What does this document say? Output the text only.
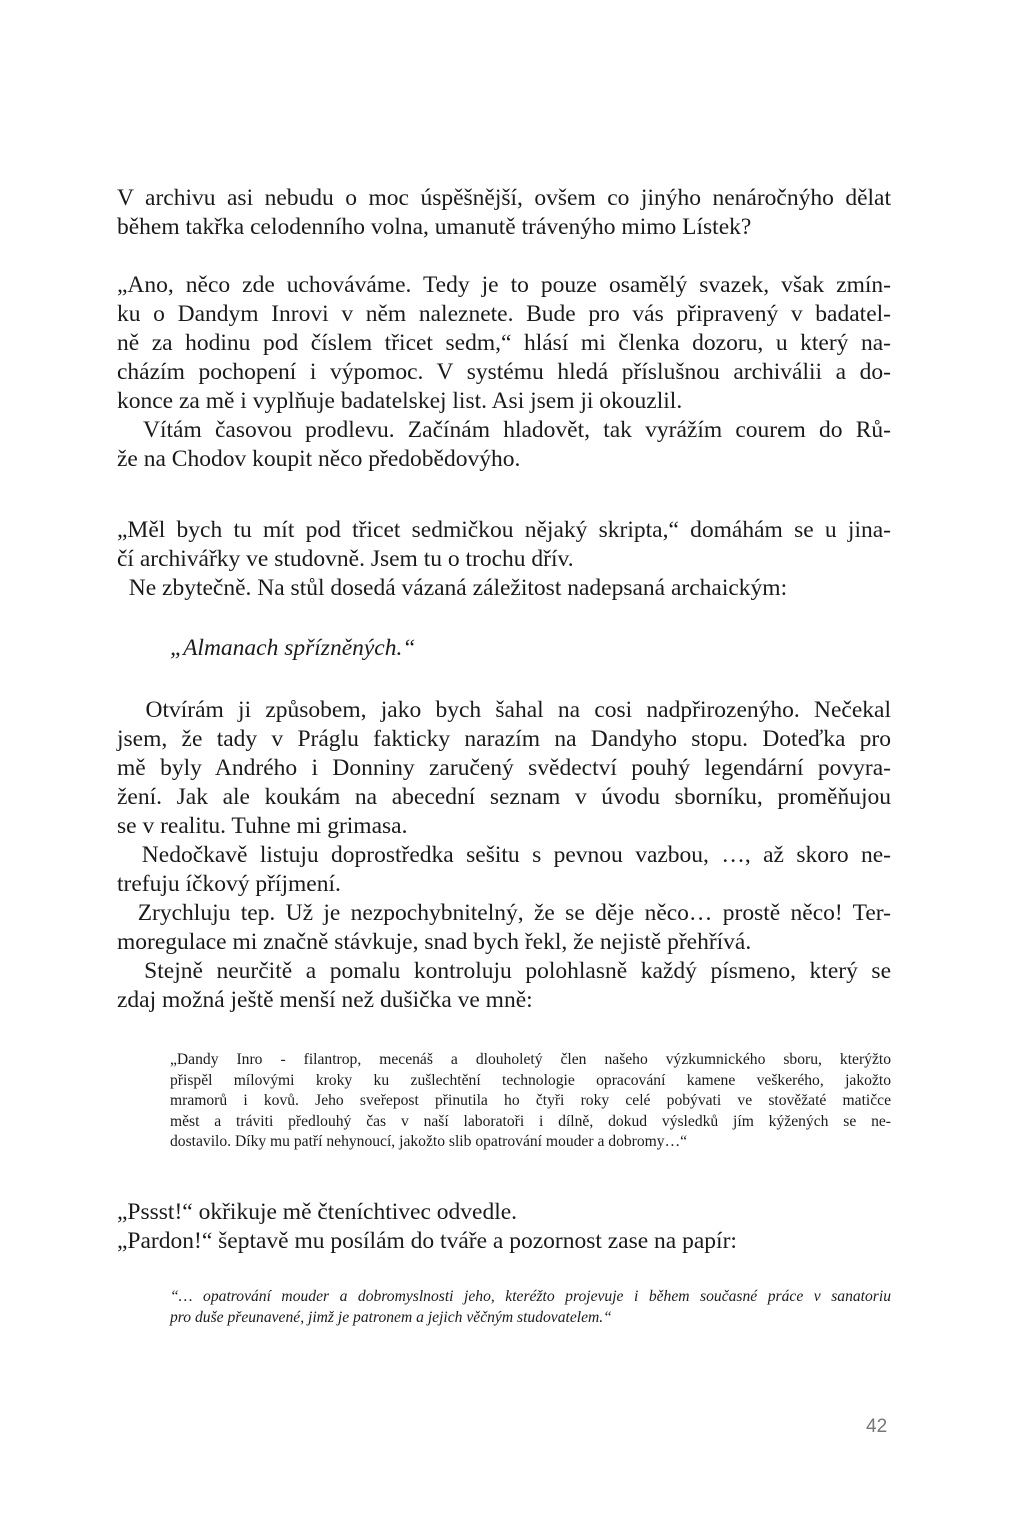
V archivu asi nebudu o moc úspěšnější, ovšem co jinýho nenáročnýho dělat
během takřka celodenního volna, umanutě trávenýho mimo Lístek?
„Ano, něco zde uchováváme. Tedy je to pouze osamělý svazek, však zmín-
ku o Dandym Inrovi v něm naleznete. Bude pro vás připravený v badatel-
ně za hodinu pod číslem třicet sedm,“ hlásí mi členka dozoru, u který na-
cházím pochopení i výpomoc. V systému hledá příslušnou archiválii a do-
konce za mě i vyplňuje badatelskej list. Asi jsem ji okouzlil.
Vítám časovou prodlevu. Začínám hladovět, tak vyrážím courem do Rů-
že na Chodov koupit něco předobědovýho.
„Měl bych tu mít pod třicet sedmičkou nějaký skripta,“ domáhám se u jina-
čí archivářky ve studovně. Jsem tu o trochu dřív.
Ne zbytečně. Na stůl dosedá vázaná záležitost nadepsaná archaickým:
„Almanach spřízněných.“
Otvírám ji způsobem, jako bych šahal na cosi nadpřirozenýho. Nečekal
jsem, že tady v Práglu fakticky narazím na Dandyho stopu. Doteďka pro
mě byly Andrého i Donniny zaručený svědectví pouhý legendární povyra-
žení. Jak ale koukám na abecední seznam v úvodu sborníku, proměňujou
se v realitu. Tuhne mi grimasa.
Nedočkavě listuju doprostředka sešitu s pevnou vazbou, …, až skoro ne-
trefuju íčkový příjmení.
Zrychluju tep. Už je nezpochybnitelný, že se děje něco… prostě něco! Ter-
moregulace mi značně stávkuje, snad bych řekl, že nejistě přehřívá.
Stejně neurčitě a pomalu kontroluju polohlasně každý písmeno, který se
zdaj možná ještě menší než dušička ve mně:
„Dandy Inro - filantrop, mecenáš a dlouholetý člen našeho výzkumnického sboru, kterýžto
přispěl mílovými kroky ku zušlechtění technologie opracování kamene veškerého, jakožto
mramorů i kovů. Jeho sveřepost přinutila ho čtyři roky celé pobývati ve stověžaté matičce
měst a tráviti předlouhý čas v naší laboratoři i dílně, dokud výsledků jím kýžených se ne-
dostavilo. Díky mu patří nehynoucí, jakožto slib opatrování mouder a dobromy…“
„Pssst!“ okřikuje mě čteníchtivec odvedle.
„Pardon!“ šeptavě mu posílám do tváře a pozornost zase na papír:
“… opatrování mouder a dobromyslnosti jeho, kteréžto projevuje i během současné práce v sanatoriu
pro duše přeunavené, jimž je patronem a jejich věčným studovatelem.“
42
